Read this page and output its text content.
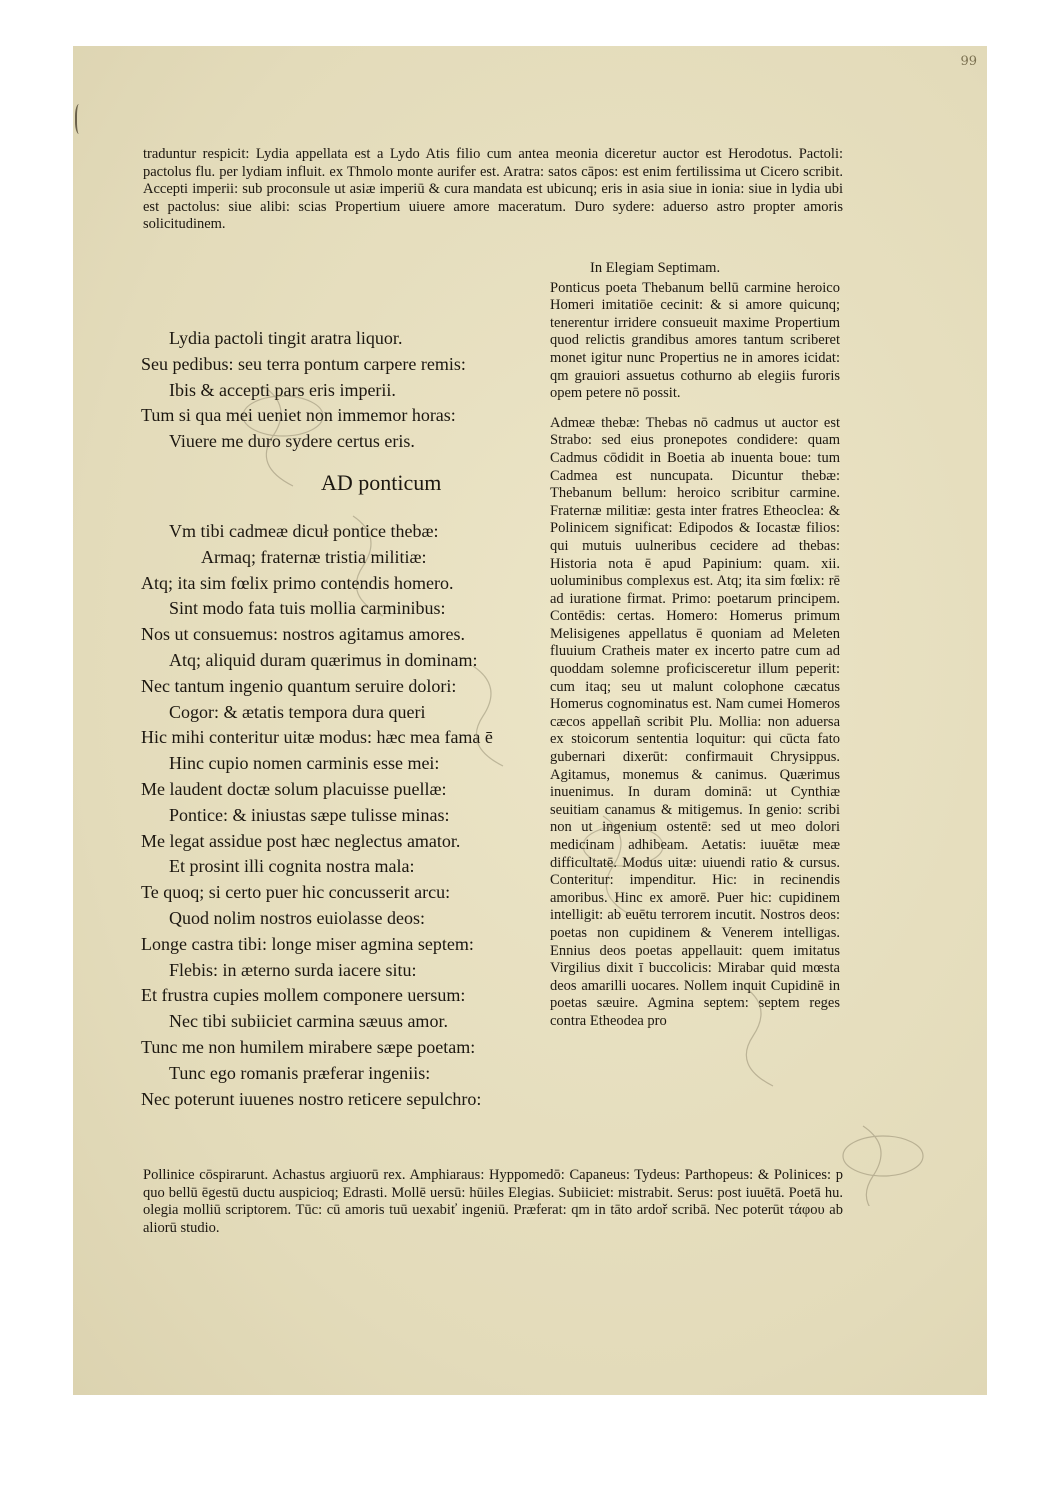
99
traduntur respicit: Lydia appellata est a Lydo Atis filio cum antea meonia diceretur auctor est Herodotus. Pactoli: pactolus flu. per lydiam influit. ex Thmolo monte aurifer est. Aratra: satos cāpos: est enim fertilissima ut Cicero scribit. Accepti imperii: sub proconsule ut asiæ imperiū & cura mandata est ubicunq; eris in asia siue in ionia: siue in lydia ubi est pactolus: siue alibi: scias Propertium uiuere amore maceratum. Duro sydere: aduerso astro propter amoris solicitudinem.
Lydia pactoli tingit aratra liquor.
Seu pedibus: seu terra pontum carpere remis:
Ibis & accepti pars eris imperii.
Tum si qua mei ueniet non immemor horas:
Viuere me duro sydere certus eris.
AD ponticum
Vm tibi cadmeæ dicuł pontice thebæ:
Armaq; fraternæ tristia militiæ:
Atq; ita sim fœlix primo contendis homero.
Sint modo fata tuis mollia carminibus:
Nos ut consuemus: nostros agitamus amores.
Atq; aliquid duram quærimus in dominam:
Nec tantum ingenio quantum seruire dolori:
Cogor: & ætatis tempora dura queri
Hic mihi conteritur uitæ modus: hæc mea fama ē
Hinc cupio nomen carminis esse mei:
Me laudent doctæ solum placuisse puellæ:
Pontice: & iniustas sæpe tulisse minas:
Me legat assidue post hæc neglectus amator.
Et prosint illi cognita nostra mala:
Te quoq; si certo puer hic concusserit arcu:
Quod nolim nostros euiolasse deos:
Longe castra tibi: longe miser agmina septem:
Flebis: in æterno surda iacere situ:
Et frustra cupies mollem componere uersum:
Nec tibi subiiciet carmina sæuus amor.
Tunc me non humilem mirabere sæpe poetam:
Tunc ego romanis præferar ingeniis:
Nec poterunt iuuenes nostro reticere sepulchro:
In Elegiam Septimam.

Ponticus poeta Thebanum bellū carmine heroico Homeri imitatiōe cecinit: & si amore quicunq; tenerentur irridere consueuit maxime Propertium quod relictis grandibus amores tantum scriberet monet igitur nunc Propertius ne in amores icidat: qm grauiori assuetus cothurno ab elegiis furoris opem petere nō possit.

Admeæ thebæ: Thebas nō cadmus ut auctor est Strabo: sed eius pronepotes condidere: quam Cadmus cōdidit in Boetia ab inuenta boue: tum Cadmea est nuncupata. Dicuntur thebæ: Thebanum bellum: heroico scribitur carmine. Fraternæ militiæ: gesta inter fratres Etheoclea: & Polinicem significat: Edipodos & Iocastæ filios: qui mutuis uulneribus cecidere ad thebas: Historia nota ē apud Papinium: quam. xii. uoluminibus complexus est. Atq; ita sim fœlix: rē ad iuratione firmat. Primo: poetarum principem. Contēdis: certas. Homero: Homerus primum Melisigenes appellatus ē quoniam ad Meleten fluuium Cratheis mater ex incerto patre cum ad quoddam solemne proficisceretur illum peperit: cum itaq; seu ut malunt colophone cæcatus Homerus cognominatus est. Nam cumei Homeros cæcos appellañ scribit Plu. Mollia: non aduersa ex stoicorum sententia loquitur: qui cūcta fato gubernari dixerūt: confirmauit Chrysippus. Agitamus, monemus & canimus. Quærimus inuenimus. In duram dominā: ut Cynthiæ seuitiam canamus & mitigemus. In genio: scribi non ut ingenium ostentē: sed ut meo dolori medicinam adhibeam. Aetatis: iuuētæ meæ difficultatē. Modus uitæ: uiuendi ratio & cursus. Conteritur: impenditur. Hic: in recinendis amoribus. Hinc ex amorē. Puer hic: cupidinem intelligit: ab euētu terrorem incutit. Nostros deos: poetas non cupidinem & Venerem intelligas. Ennius deos poetas appellauit: quem imitatus Virgilius dixit ī buccolicis: Mirabar quid mœsta deos amarilli uocares. Nollem inquit Cupidinē in poetas sæuire. Agmina septem: septem reges contra Etheodea pro

Pollinice cōspirarunt. Achastus argiuorū rex. Amphiaraus: Hyppomedō: Capaneus: Tydeus: Parthopeus: & Polinices: p quo bellū ēgestū ductu auspicioq; Edrasti. Mollē uersū: hūiles Elegias. Subiiciet: mistrabit. Serus: post iuuētā. Poetā hu. olegia molliū scriptorem. Tūc: cū amoris tuū uexabiť ingeniū. Præferat: qm in tāto ardoř scribā. Nec poterūt τάφου ab aliorū studio.
